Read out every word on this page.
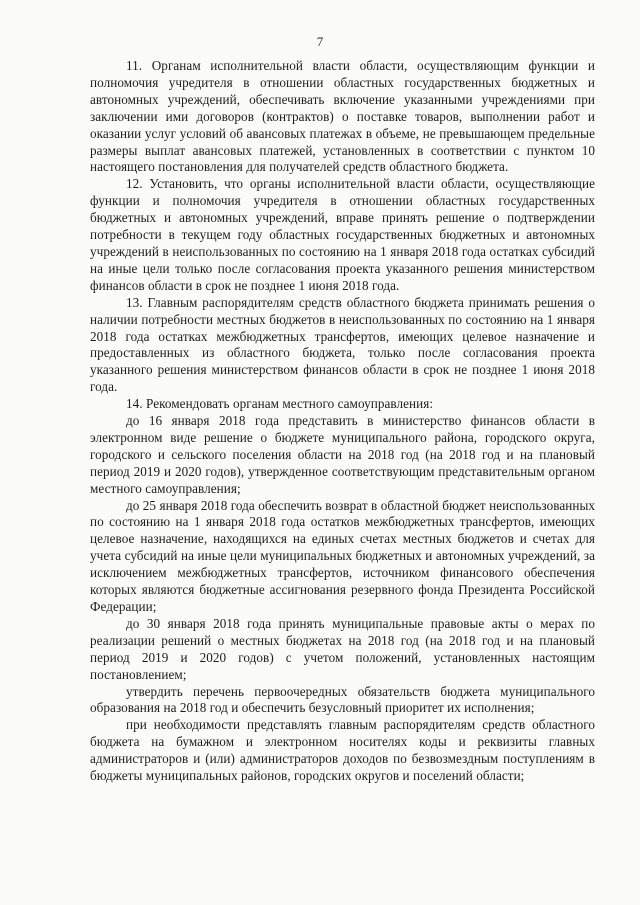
7

11. Органам исполнительной власти области, осуществляющим функции и полномочия учредителя в отношении областных государственных бюджетных и автономных учреждений, обеспечивать включение указанными учреждениями при заключении ими договоров (контрактов) о поставке товаров, выполнении работ и оказании услуг условий об авансовых платежах в объеме, не превышающем предельные размеры выплат авансовых платежей, установленных в соответствии с пунктом 10 настоящего постановления для получателей средств областного бюджета.

12. Установить, что органы исполнительной власти области, осуществляющие функции и полномочия учредителя в отношении областных государственных бюджетных и автономных учреждений, вправе принять решение о подтверждении потребности в текущем году областных государственных бюджетных и автономных учреждений в неиспользованных по состоянию на 1 января 2018 года остатках субсидий на иные цели только после согласования проекта указанного решения министерством финансов области в срок не позднее 1 июня 2018 года.

13. Главным распорядителям средств областного бюджета принимать решения о наличии потребности местных бюджетов в неиспользованных по состоянию на 1 января 2018 года остатках межбюджетных трансфертов, имеющих целевое назначение и предоставленных из областного бюджета, только после согласования проекта указанного решения министерством финансов области в срок не позднее 1 июня 2018 года.

14. Рекомендовать органам местного самоуправления:

до 16 января 2018 года представить в министерство финансов области в электронном виде решение о бюджете муниципального района, городского округа, городского и сельского поселения области на 2018 год (на 2018 год и на плановый период 2019 и 2020 годов), утвержденное соответствующим представительным органом местного самоуправления;

до 25 января 2018 года обеспечить возврат в областной бюджет неиспользованных по состоянию на 1 января 2018 года остатков межбюджетных трансфертов, имеющих целевое назначение, находящихся на единых счетах местных бюджетов и счетах для учета субсидий на иные цели муниципальных бюджетных и автономных учреждений, за исключением межбюджетных трансфертов, источником финансового обеспечения которых являются бюджетные ассигнования резервного фонда Президента Российской Федерации;

до 30 января 2018 года принять муниципальные правовые акты о мерах по реализации решений о местных бюджетах на 2018 год (на 2018 год и на плановый период 2019 и 2020 годов) с учетом положений, установленных настоящим постановлением;

утвердить перечень первоочередных обязательств бюджета муниципального образования на 2018 год и обеспечить безусловный приоритет их исполнения;

при необходимости представлять главным распорядителям средств областного бюджета на бумажном и электронном носителях коды и реквизиты главных администраторов и (или) администраторов доходов по безвозмездным поступлениям в бюджеты муниципальных районов, городских округов и поселений области;
